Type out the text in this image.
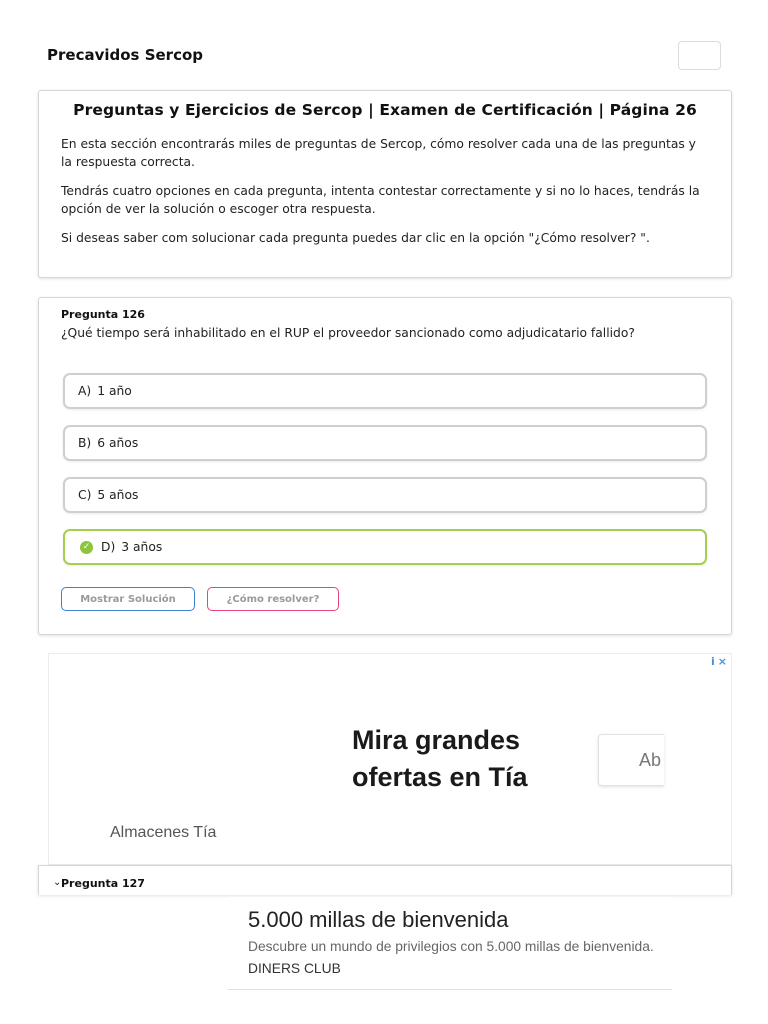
Precavidos Sercop
Preguntas y Ejercicios de Sercop | Examen de Certificación | Página 26

En esta sección encontrarás miles de preguntas de Sercop, cómo resolver cada una de las preguntas y la respuesta correcta.

Tendrás cuatro opciones en cada pregunta, intenta contestar correctamente y si no lo haces, tendrás la opción de ver la solución o escoger otra respuesta.

Si deseas saber com solucionar cada pregunta puedes dar clic en la opción "¿Cómo resolver? ".

Pregunta 126
¿Qué tiempo será inhabilitado en el RUP el proveedor sancionado como adjudicatario fallido?
A) 1 año
B) 6 años
C) 5 años
✓ D) 3 años
Mostrar Solución	¿Cómo resolver?
i ×
Mira grandes
ofertas en Tía
Ab
Almacenes Tía
⌄ Pregunta 127
5.000 millas de bienvenida
Descubre un mundo de privilegios con 5.000 millas de bienvenida.
DINERS CLUB
